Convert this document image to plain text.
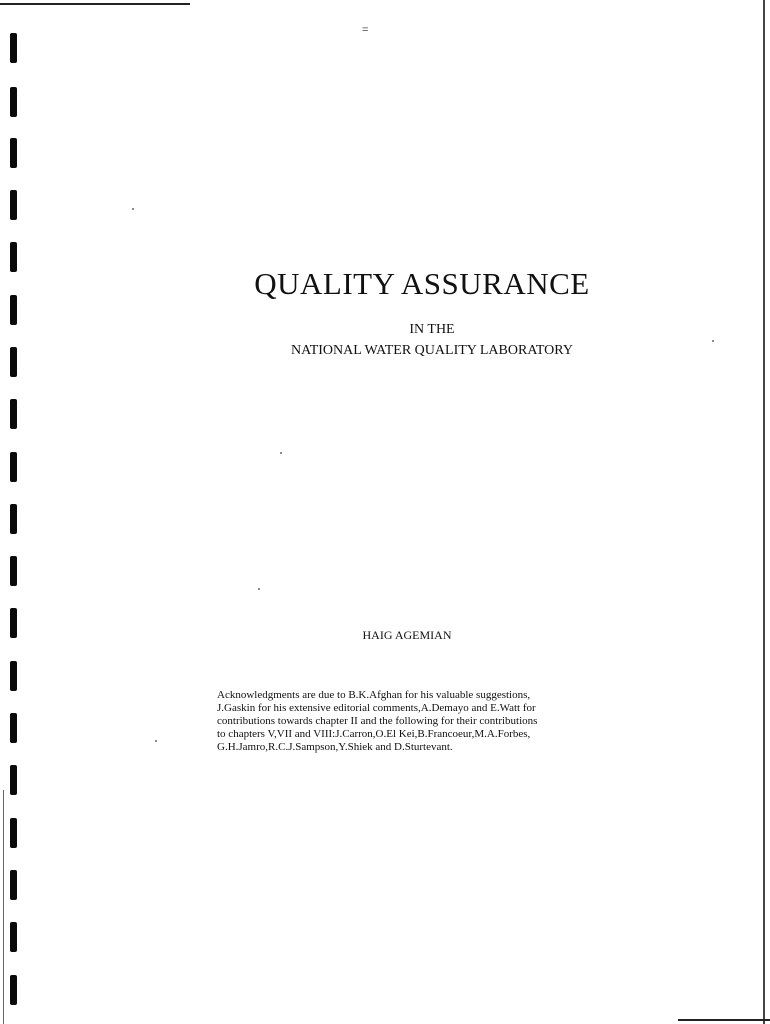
=
QUALITY ASSURANCE
IN THE
NATIONAL WATER QUALITY LABORATORY
HAIG AGEMIAN
Acknowledgments are due to B.K.Afghan for his valuable suggestions,
J.Gaskin for his extensive editorial comments,A.Demayo and E.Watt for
contributions towards chapter II and the following for their contributions
to chapters V,VII and VIII:J.Carron,O.El Kei,B.Francoeur,M.A.Forbes,
G.H.Jamro,R.C.J.Sampson,Y.Shiek and D.Sturtevant.
